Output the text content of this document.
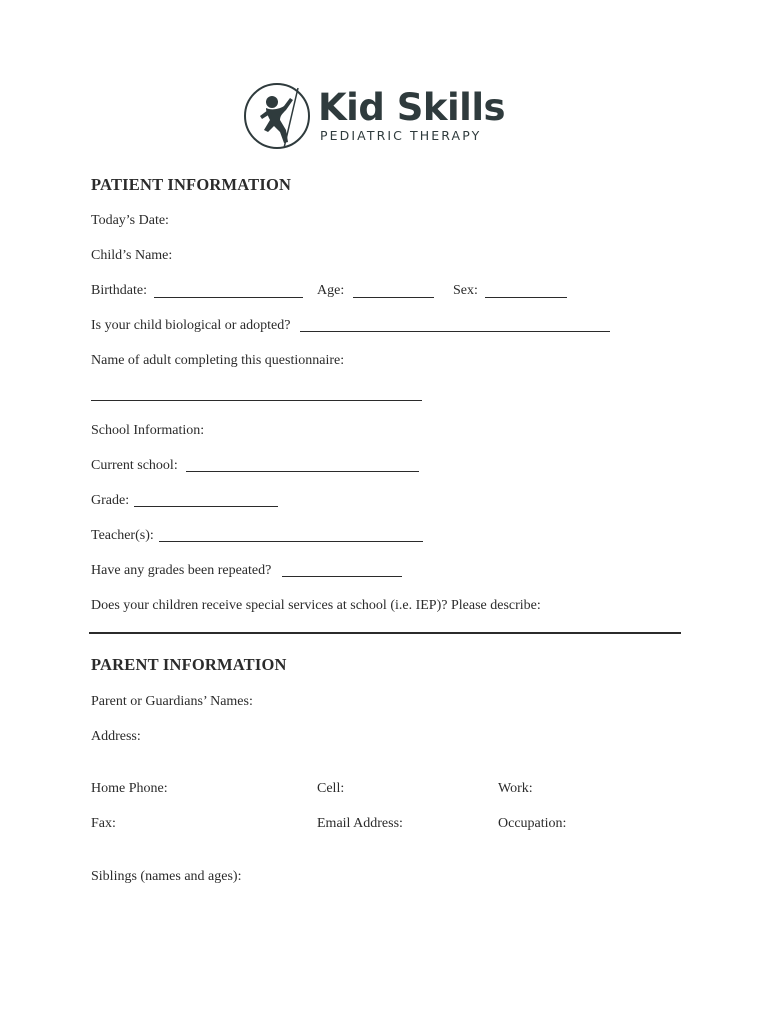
Kid Skills
PEDIATRIC THERAPY
PATIENT INFORMATION
Today’s Date:
Child’s Name:
Birthdate:	Age:	Sex:
Is your child biological or adopted?
Name of adult completing this questionnaire:
School Information:
Current school:
Grade:
Teacher(s):
Have any grades been repeated?
Does your children receive special services at school (i.e. IEP)? Please describe:
PARENT INFORMATION
Parent or Guardians’ Names:
Address:
Home Phone:	Cell:	Work:
Fax:	Email Address:	Occupation:
Siblings (names and ages):
